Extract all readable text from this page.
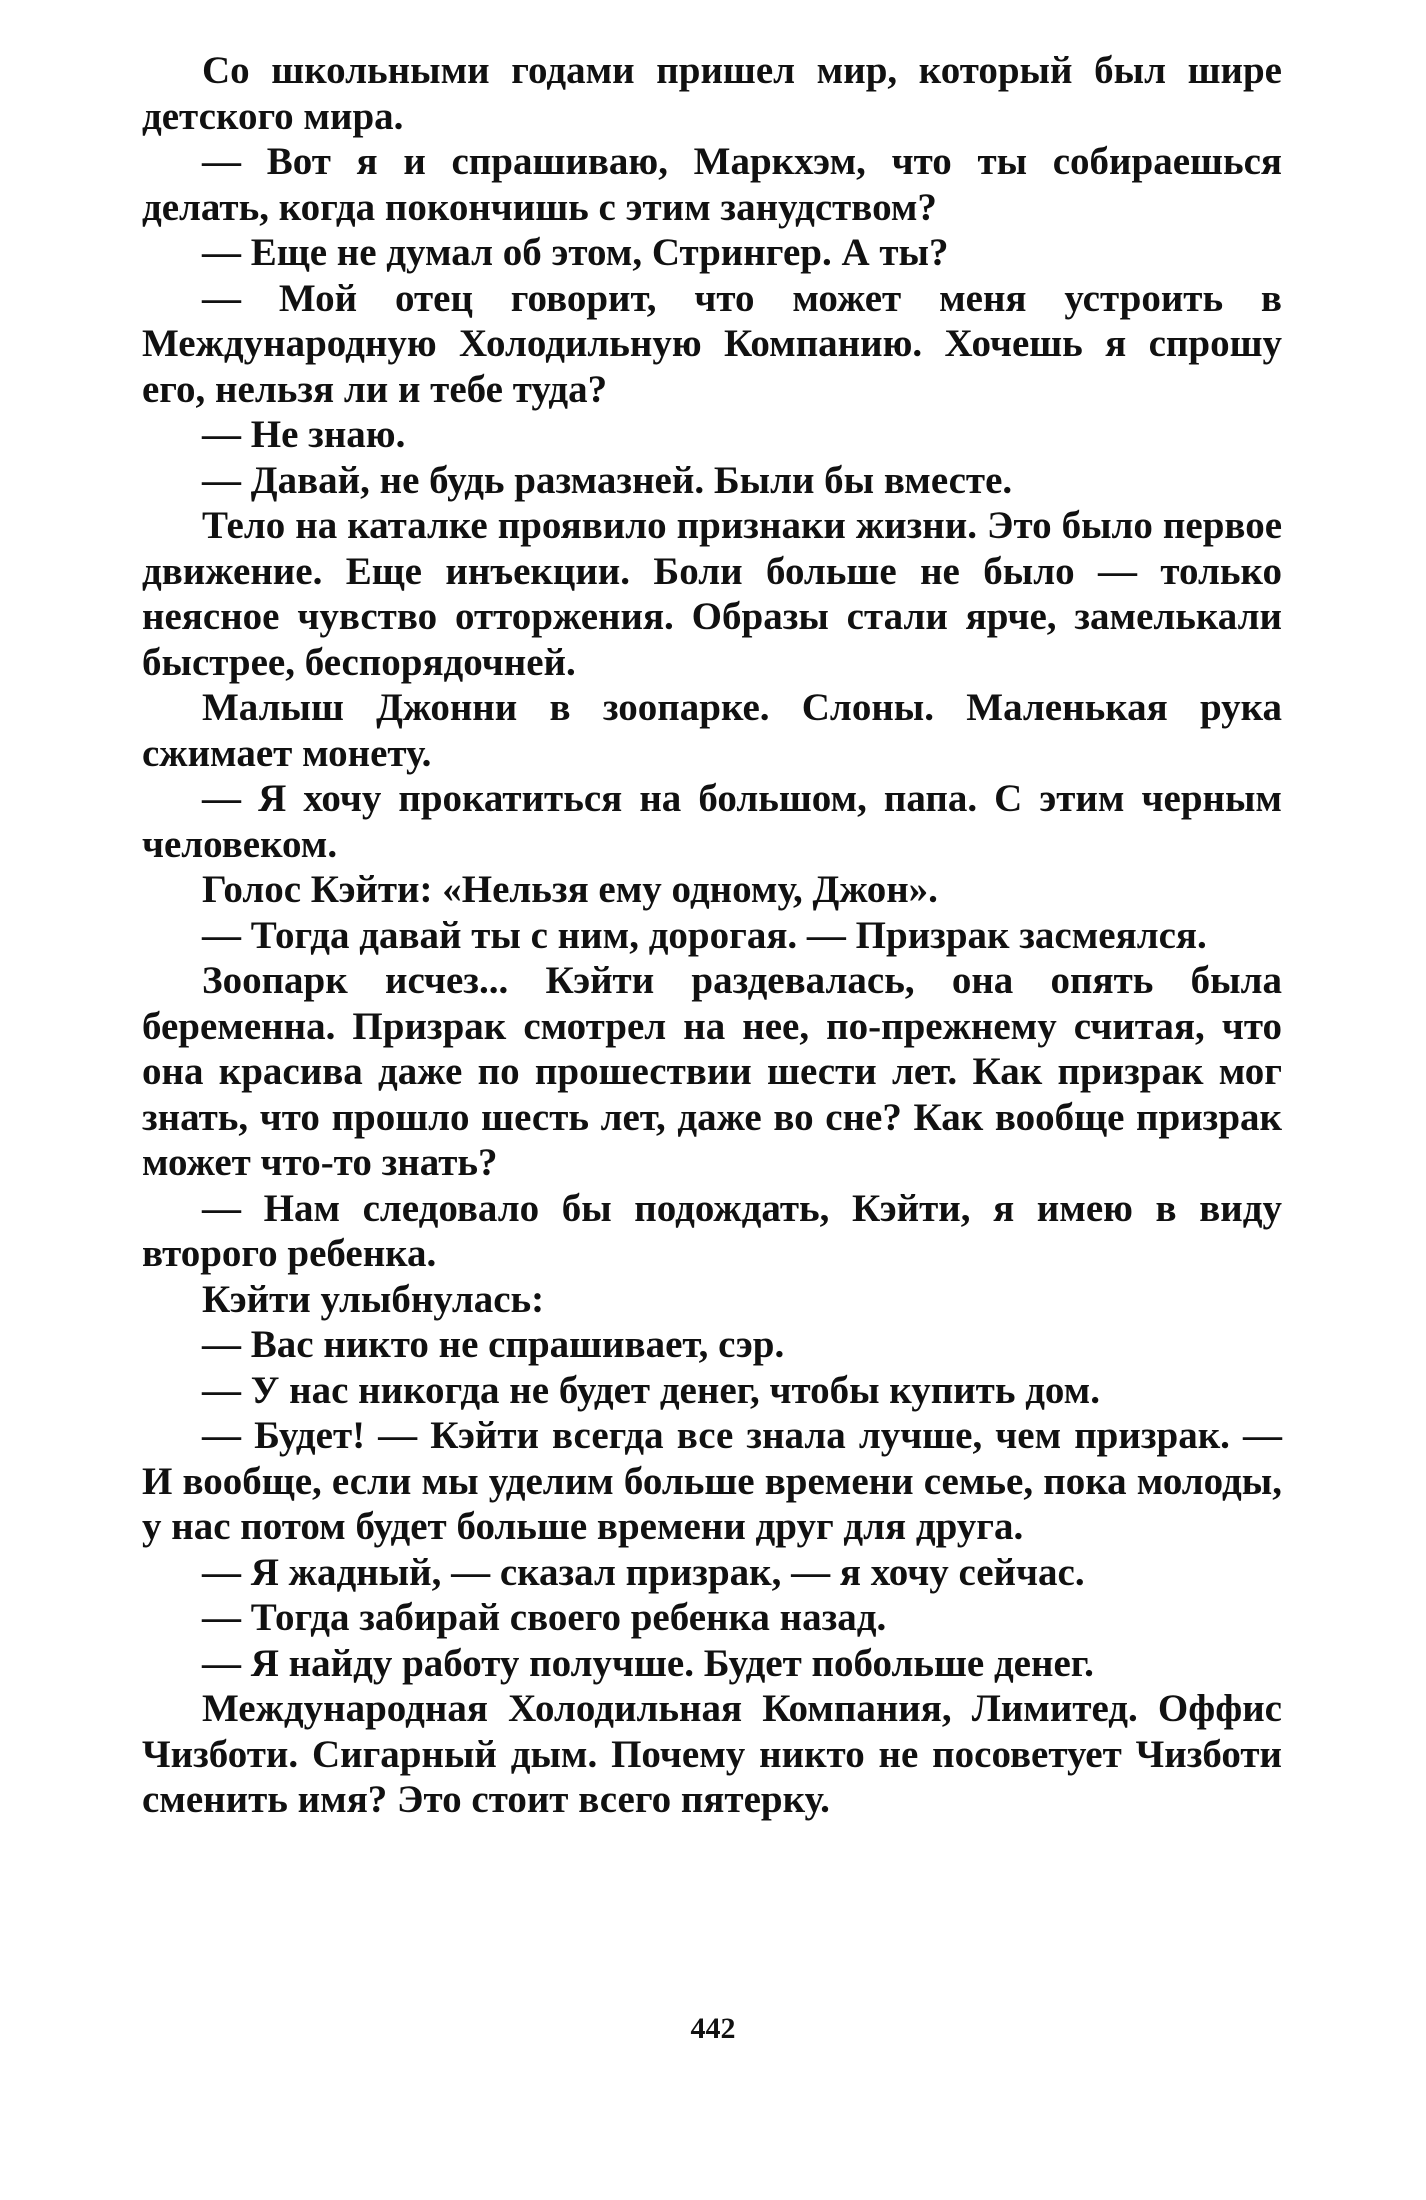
Со школьными годами пришел мир, который был шире детского мира.

— Вот я и спрашиваю, Маркхэм, что ты собираешься делать, когда покончишь с этим занудством?

— Еще не думал об этом, Стрингер. А ты?

— Мой отец говорит, что может меня устроить в Международную Холодильную Компанию. Хочешь я спрошу его, нельзя ли и тебе туда?

— Не знаю.

— Давай, не будь размазней. Были бы вместе.

Тело на каталке проявило признаки жизни. Это было первое движение. Еще инъекции. Боли больше не было — только неясное чувство отторжения. Образы стали ярче, замелькали быстрее, беспорядочней.

Малыш Джонни в зоопарке. Слоны. Маленькая рука сжимает монету.

— Я хочу прокатиться на большом, папа. С этим черным человеком.

Голос Кэйти: «Нельзя ему одному, Джон».

— Тогда давай ты с ним, дорогая. — Призрак засмеялся.

Зоопарк исчез... Кэйти раздевалась, она опять была беременна. Призрак смотрел на нее, по-прежнему считая, что она красива даже по прошествии шести лет. Как призрак мог знать, что прошло шесть лет, даже во сне? Как вообще призрак может что-то знать?

— Нам следовало бы подождать, Кэйти, я имею в виду второго ребенка.

Кэйти улыбнулась:

— Вас никто не спрашивает, сэр.

— У нас никогда не будет денег, чтобы купить дом.

— Будет! — Кэйти всегда все знала лучше, чем призрак. — И вообще, если мы уделим больше времени семье, пока молоды, у нас потом будет больше времени друг для друга.

— Я жадный, — сказал призрак, — я хочу сейчас.

— Тогда забирай своего ребенка назад.

— Я найду работу получше. Будет побольше денег.

Международная Холодильная Компания, Лимитед. Оффис Чизботи. Сигарный дым. Почему никто не посоветует Чизботи сменить имя? Это стоит всего пятерку.

442
